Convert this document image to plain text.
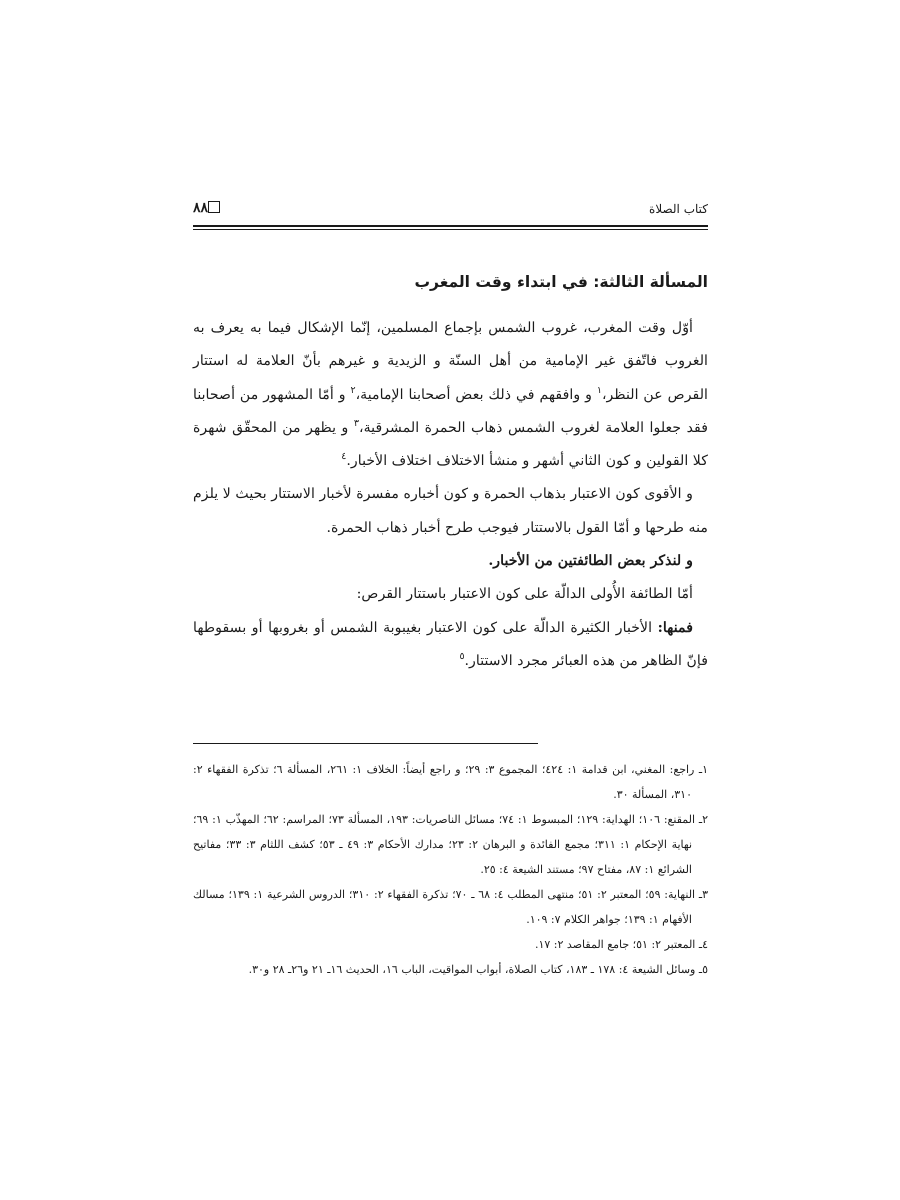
كتاب الصلاة
٨٨
المسألة الثالثة: في ابتداء وقت المغرب

أوّل وقت المغرب، غروب الشمس بإجماع المسلمين، إنّما الإشكال فيما به يعرف به الغروب فاتّفق غير الإمامية من أهل السنّة و الزيدية و غيرهم بأنّ العلامة له استتار القرص عن النظر،$^١$ و وافقهم في ذلك بعض أصحابنا الإمامية،$^٢$ و أمّا المشهور من أصحابنا فقد جعلوا العلامة لغروب الشمس ذهاب الحمرة المشرقية،$^٣$ و يظهر من المحقّق شهرة كلا القولين و كون الثاني أشهر و منشأ الاختلاف اختلاف الأخبار.$^٤$

و الأقوى كون الاعتبار بذهاب الحمرة و كون أخباره مفسرة لأخبار الاستتار بحيث لا يلزم منه طرحها و أمّا القول بالاستتار فيوجب طرح أخبار ذهاب الحمرة.

و لنذكر بعض الطائفتين من الأخبار.

أمّا الطائفة الأُولى الدالّة على كون الاعتبار باستتار القرص:

فمنها: الأخبار الكثيرة الدالّة على كون الاعتبار بغيبوبة الشمس أو بغروبها أو بسقوطها فإنّ الظاهر من هذه العبائر مجرد الاستتار.$^٥$

١ـ راجع: المغني، ابن قدامة ١: ٤٢٤؛ المجموع ٣: ٢٩؛ و راجع أيضاً: الخلاف ١: ٢٦١، المسألة ٦؛ تذكرة الفقهاء ٢: ٣١٠، المسألة ٣٠.

٢ـ المقنع: ١٠٦؛ الهداية: ١٢٩؛ المبسوط ١: ٧٤؛ مسائل الناصريات: ١٩٣، المسألة ٧٣؛ المراسم: ٦٢؛ المهذّب ١: ٦٩؛ نهاية الإحكام ١: ٣١١؛ مجمع الفائدة و البرهان ٢: ٢٣؛ مدارك الأحكام ٣: ٤٩ ـ ٥٣؛ كشف اللثام ٣: ٣٣؛ مفاتيح الشرائع ١: ٨٧، مفتاح ٩٧؛ مستند الشيعة ٤: ٢٥.

٣ـ النهاية: ٥٩؛ المعتبر ٢: ٥١؛ منتهى المطلب ٤: ٦٨ ـ ٧٠؛ تذكرة الفقهاء ٢: ٣١٠؛ الدروس الشرعية ١: ١٣٩؛ مسالك الأفهام ١: ١٣٩؛ جواهر الكلام ٧: ١٠٩.

٤ـ المعتبر ٢: ٥١؛ جامع المقاصد ٢: ١٧.

٥ـ وسائل الشيعة ٤: ١٧٨ ـ ١٨٣، كتاب الصلاة، أبواب المواقيت، الباب ١٦، الحديث ١٦ـ ٢١ و٢٦ـ ٢٨ و٣٠.
